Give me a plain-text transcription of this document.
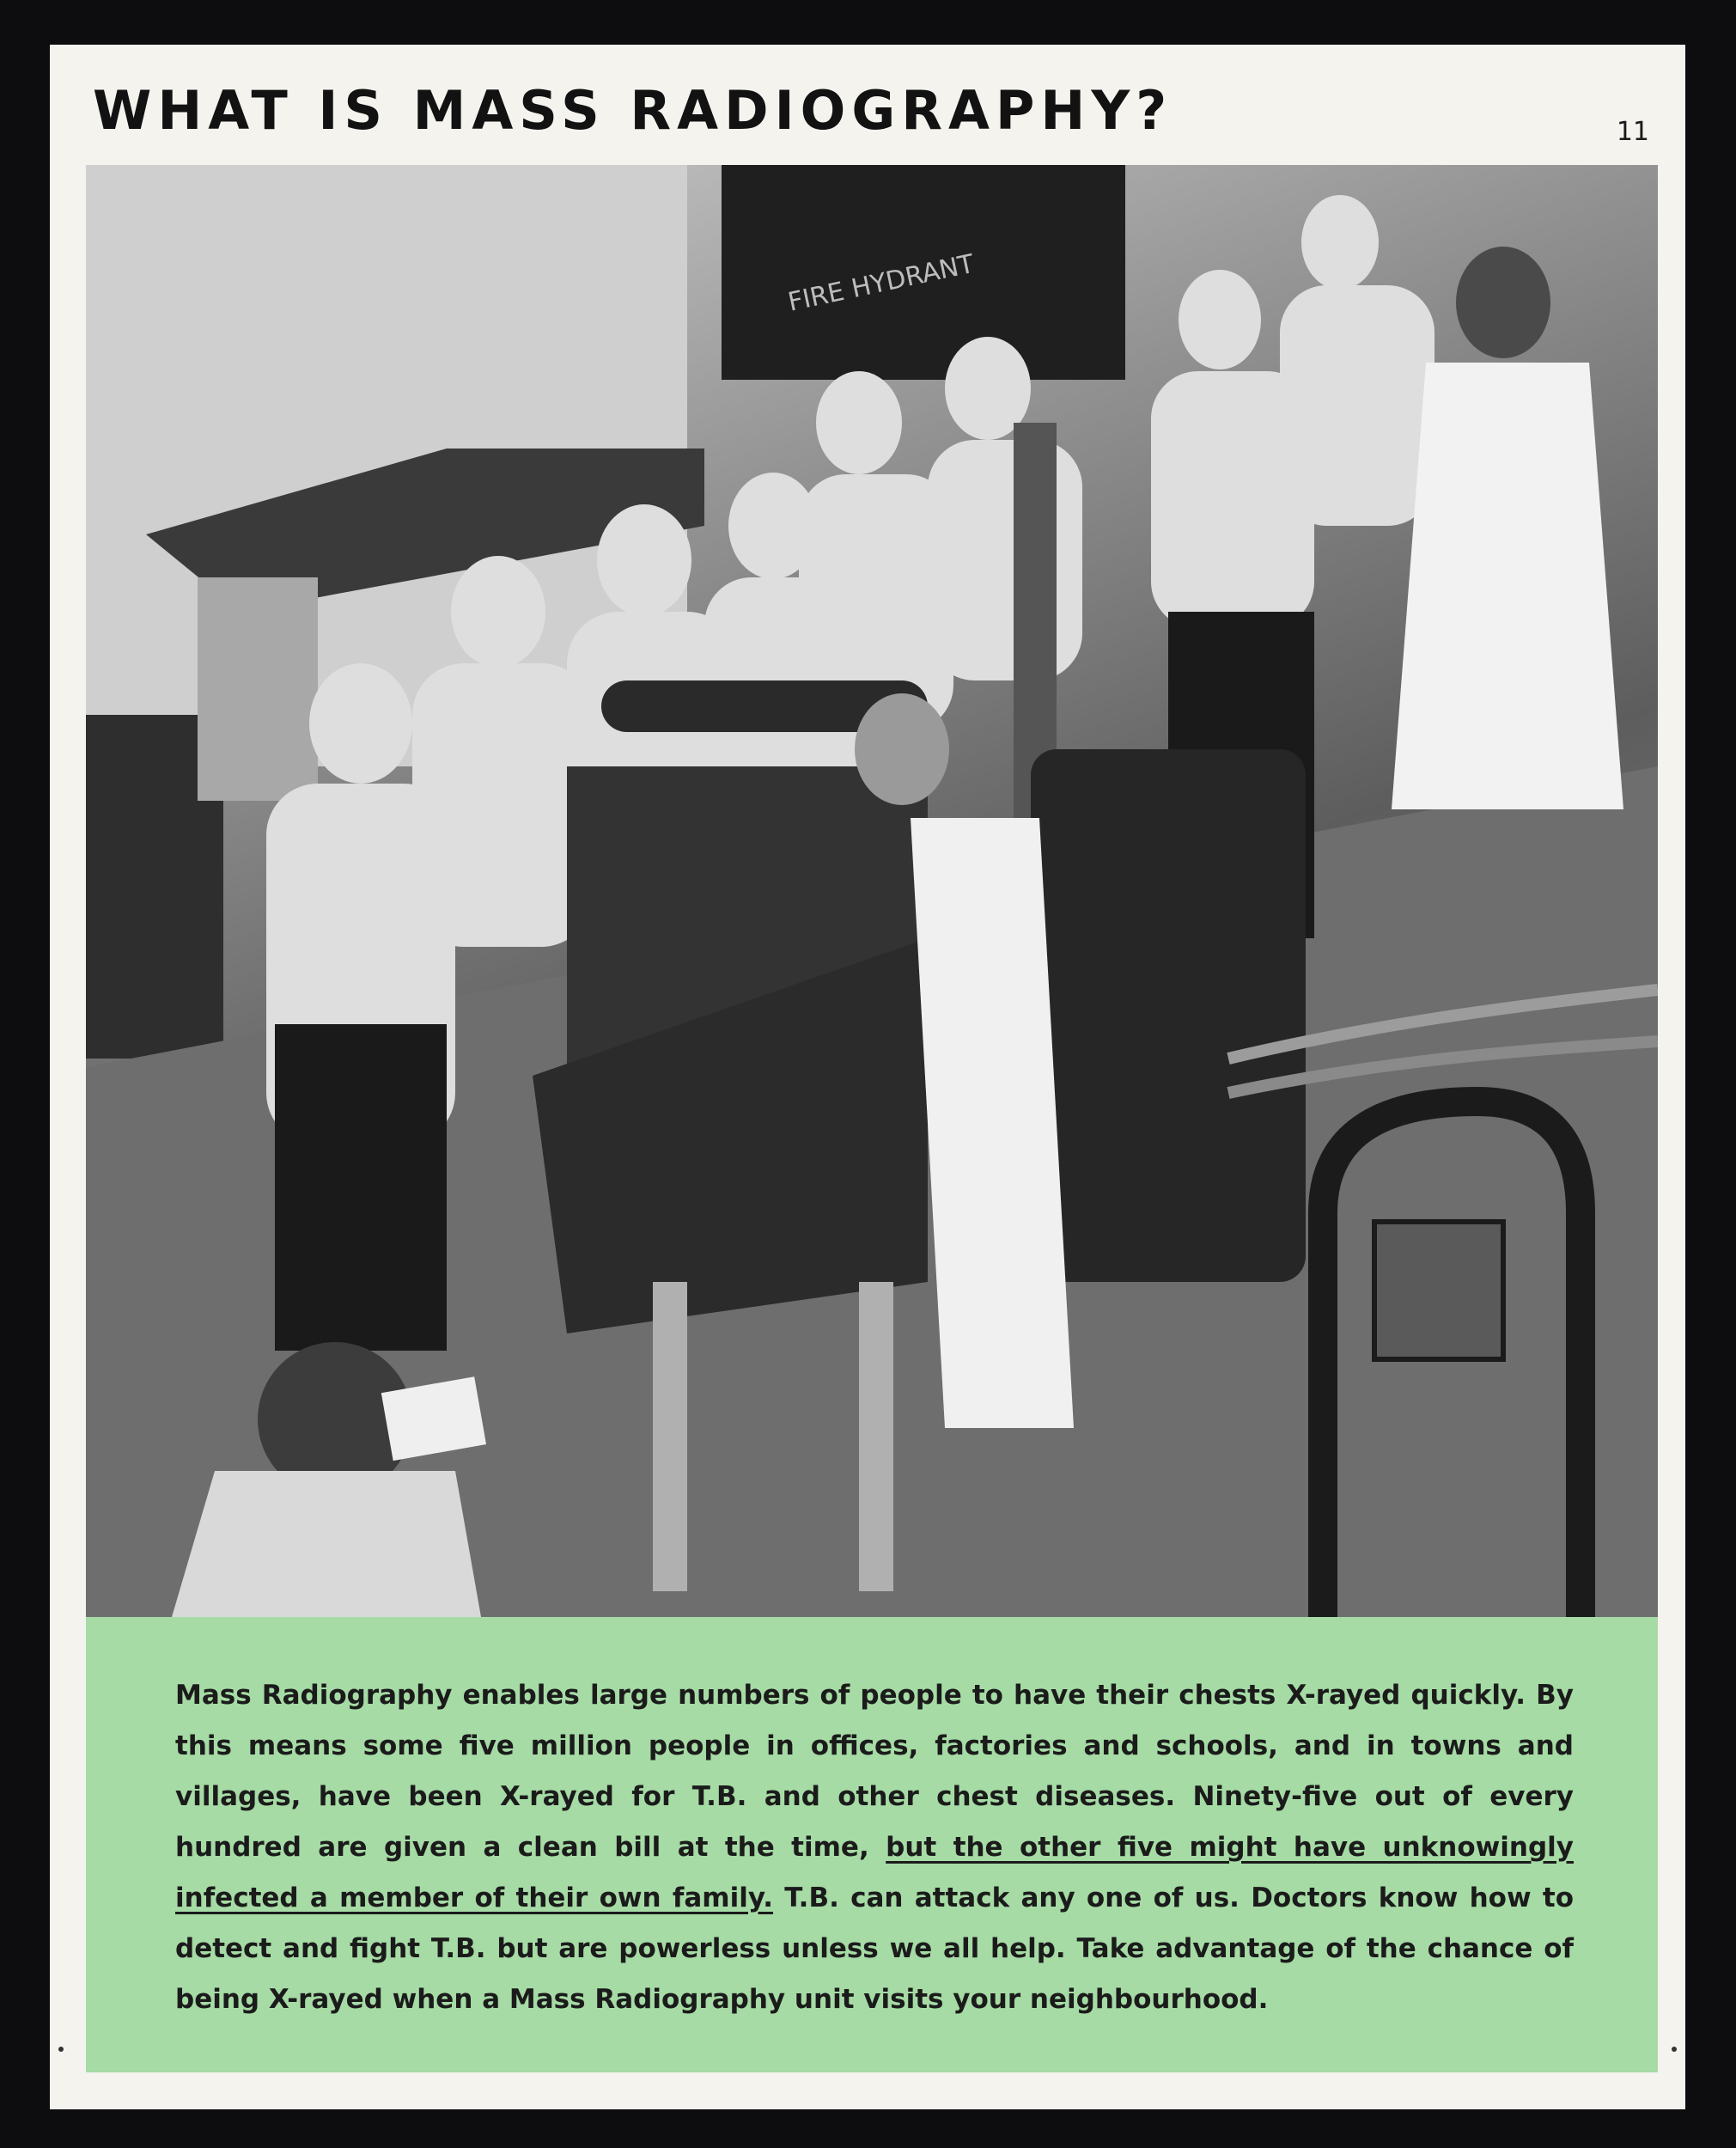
FIRE HYDRANT
WHAT IS MASS RADIOGRAPHY?	11

Mass Radiography enables large numbers of people to have their chests X-rayed quickly. By this means some five million people in offices, factories and schools, and in towns and villages, have been X-rayed for T.B. and other chest diseases. Ninety-five out of every hundred are given a clean bill at the time, but the other five might have unknowingly infected a member of their own family. T.B. can attack any one of us. Doctors know how to detect and fight T.B. but are powerless unless we all help. Take advantage of the chance of being X-rayed when a Mass Radiography unit visits your neighbourhood.
